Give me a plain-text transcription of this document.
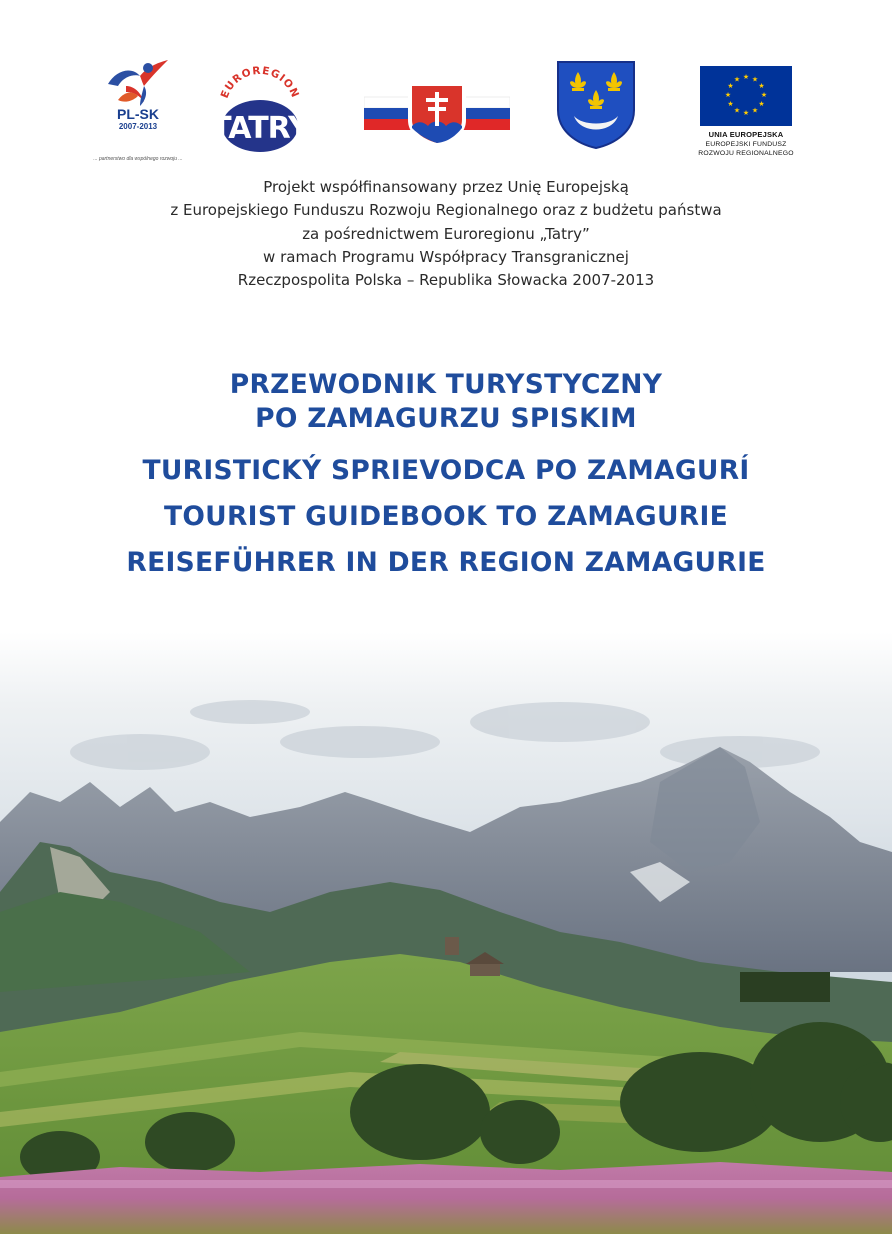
PL-SK
2007-2013
... partnerstwo dla wspólnego rozwoju ...
EUROREGION
TATRY
★ ★
★
★
★
★
★
★
★
★
★
★
UNIA EUROPEJSKA
EUROPEJSKI FUNDUSZ
ROZWOJU REGIONALNEGO
Projekt współfinansowany przez Unię Europejską
z Europejskiego Funduszu Rozwoju Regionalnego oraz z budżetu państwa
za pośrednictwem Euroregionu „Tatry”
w ramach Programu Współpracy Transgranicznej
Rzeczpospolita Polska – Republika Słowacka 2007-2013
PRZEWODNIK TURYSTYCZNY
PO ZAMAGURZU SPISKIM
TURISTICKÝ SPRIEVODCA PO ZAMAGURÍ
TOURIST GUIDEBOOK TO ZAMAGURIE
REISEFÜHRER IN DER REGION ZAMAGURIE
